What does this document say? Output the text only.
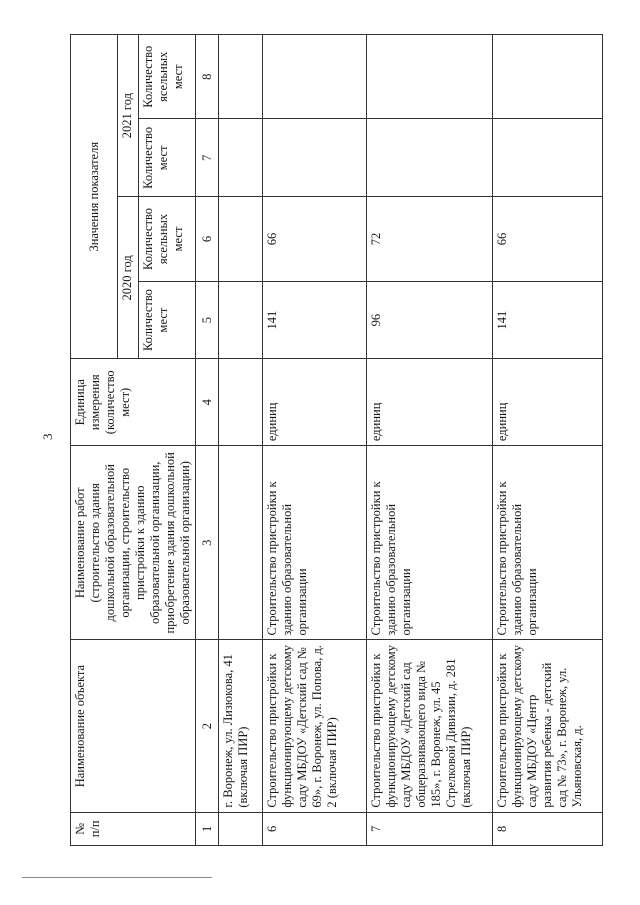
3
№ п/п	Наименование объекта	Наименование работ (строительство здания дошкольной образовательной организации, строительство пристройки к зданию образовательной организации, приобретение здания дошкольной образовательной организации)	Единица измерения (количество мест)	Значения показателя			
				2020 год		2021 год	
				Количество мест	Количество ясельных мест	Количество мест	Количество ясельных мест
1	2	3	4	5	6	7	8
	г. Воронеж, ул. Лизюкова, 41 (включая ПИР)						
6	Строительство пристройки к функционирующему детскому саду МБДОУ «Детский сад № 69», г. Воронеж, ул. Попова, д. 2 (включая ПИР)	Строительство пристройки к зданию образовательной организации	единиц	141	66		
7	Строительство пристройки к функционирующему детскому саду МБДОУ «Детский сад общеразвивающего вида № 185», г. Воронеж, ул. 45 Стрелковой Дивизии, д. 281 (включая ПИР)	Строительство пристройки к зданию образовательной организации	единиц	96	72		
8	Строительство пристройки к функционирующему детскому саду МБДОУ «Центр развития ребенка - детский сад № 73», г. Воронеж, ул. Ульяновская, д.	Строительство пристройки к зданию образовательной организации	единиц	141	66		
